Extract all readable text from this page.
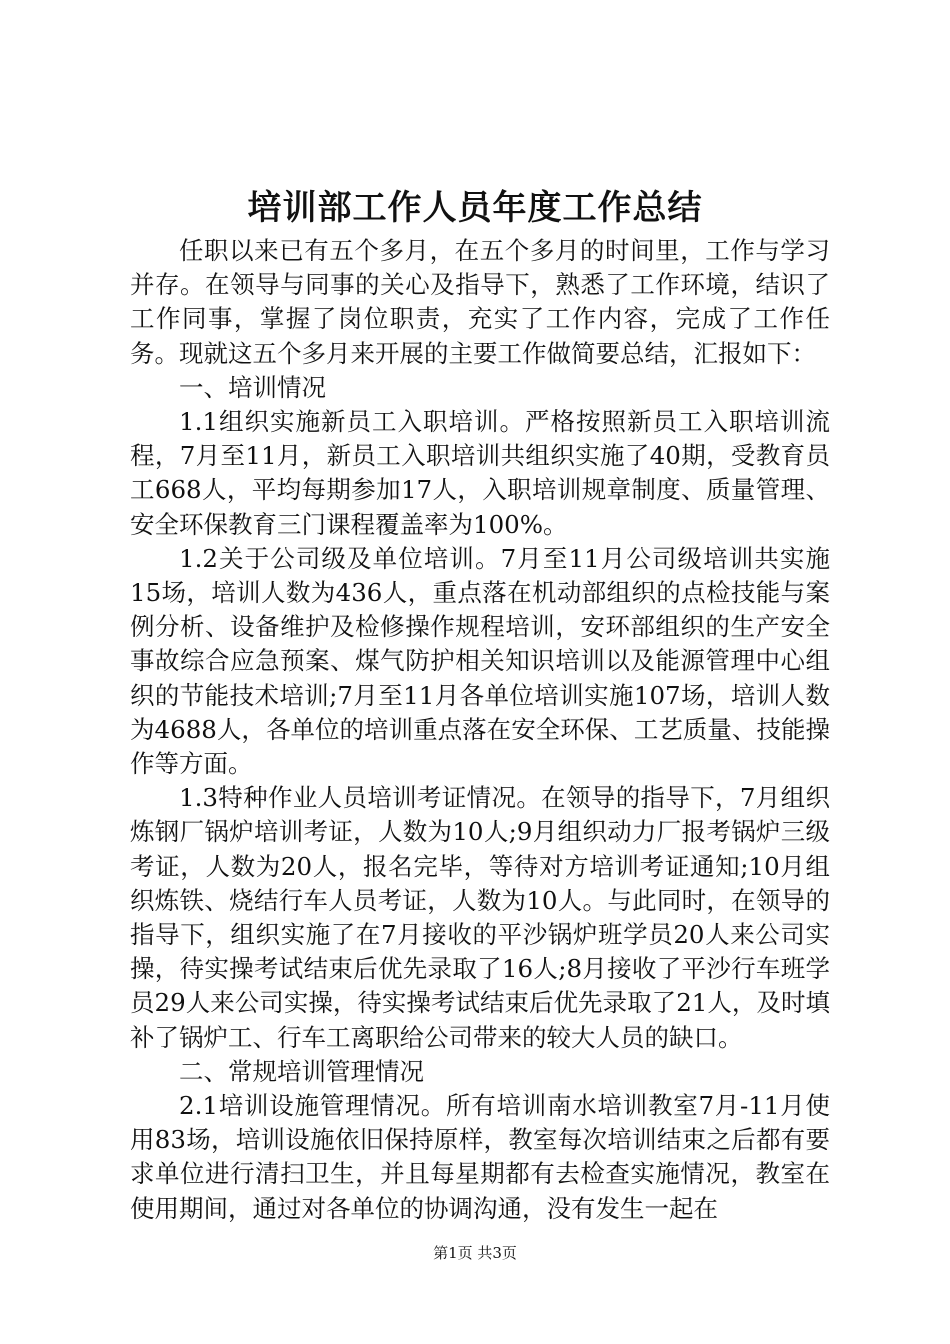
培训部工作人员年度工作总结

任职以来已有五个多月，在五个多月的时间里，工作与学习并存。在领导与同事的关心及指导下，熟悉了工作环境，结识了工作同事，掌握了岗位职责，充实了工作内容，完成了工作任务。现就这五个多月来开展的主要工作做简要总结，汇报如下：

一、培训情况

1.1组织实施新员工入职培训。严格按照新员工入职培训流程，7月至11月，新员工入职培训共组织实施了40期，受教育员工668人，平均每期参加17人，入职培训规章制度、质量管理、安全环保教育三门课程覆盖率为100%。

1.2关于公司级及单位培训。7月至11月公司级培训共实施15场，培训人数为436人，重点落在机动部组织的点检技能与案例分析、设备维护及检修操作规程培训，安环部组织的生产安全事故综合应急预案、煤气防护相关知识培训以及能源管理中心组织的节能技术培训;7月至11月各单位培训实施107场，培训人数为4688人，各单位的培训重点落在安全环保、工艺质量、技能操作等方面。

1.3特种作业人员培训考证情况。在领导的指导下，7月组织炼钢厂锅炉培训考证，人数为10人;9月组织动力厂报考锅炉三级考证，人数为20人，报名完毕，等待对方培训考证通知;10月组织炼铁、烧结行车人员考证，人数为10人。与此同时，在领导的指导下，组织实施了在7月接收的平沙锅炉班学员20人来公司实操，待实操考试结束后优先录取了16人;8月接收了平沙行车班学员29人来公司实操，待实操考试结束后优先录取了21人，及时填补了锅炉工、行车工离职给公司带来的较大人员的缺口。

二、常规培训管理情况

2.1培训设施管理情况。所有培训南水培训教室7月-11月使用83场，培训设施依旧保持原样，教室每次培训结束之后都有要求单位进行清扫卫生，并且每星期都有去检查实施情况，教室在使用期间，通过对各单位的协调沟通，没有发生一起在

第1页 共3页
